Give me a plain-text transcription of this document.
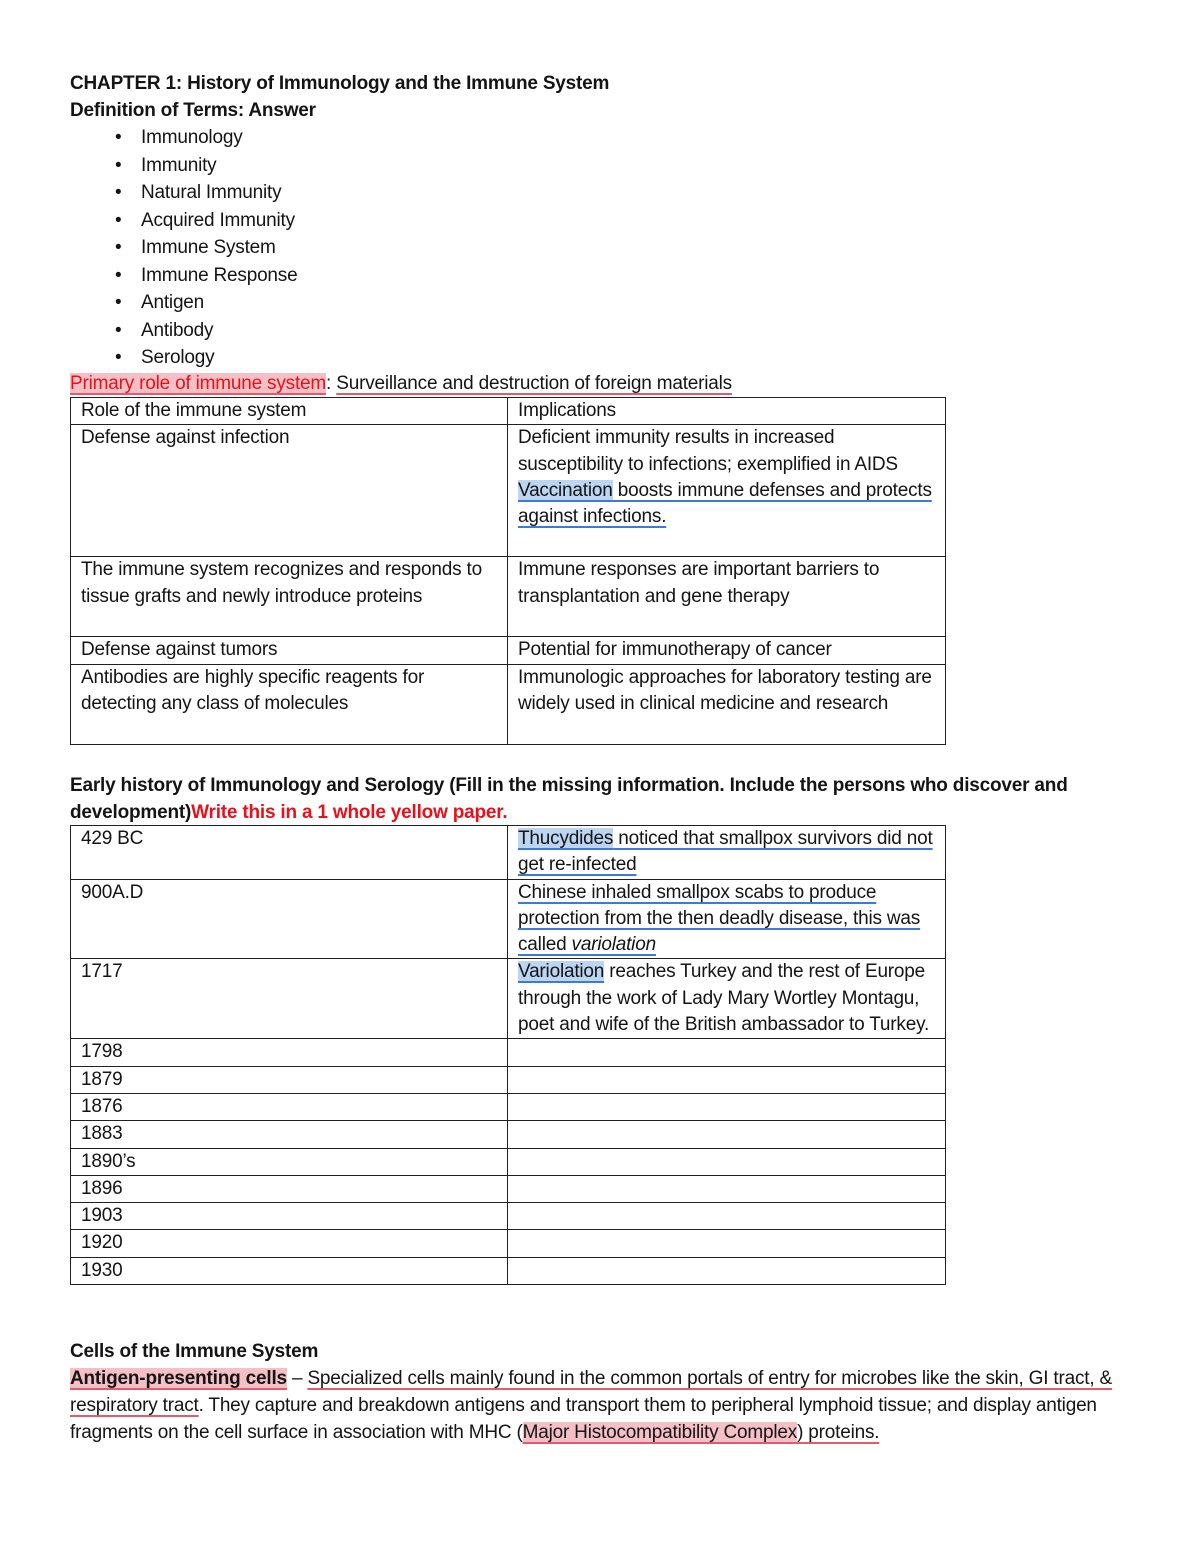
CHAPTER 1: History of Immunology and the Immune System
Definition of Terms: Answer
• Immunology
• Immunity
• Natural Immunity
• Acquired Immunity
• Immune System
• Immune Response
• Antigen
• Antibody
• Serology
Primary role of immune system: Surveillance and destruction of foreign materials
Role of the immune system	Implications
Defense against infection	Deficient immunity results in increased susceptibility to infections; exemplified in AIDS
Vaccination boosts immune defenses and protects against infections.
The immune system recognizes and responds to tissue grafts and newly introduce proteins	Immune responses are important barriers to transplantation and gene therapy
Defense against tumors	Potential for immunotherapy of cancer
Antibodies are highly specific reagents for detecting any class of molecules	Immunologic approaches for laboratory testing are widely used in clinical medicine and research
Early history of Immunology and Serology (Fill in the missing information. Include the persons who discover and development)Write this in a 1 whole yellow paper.
429 BC	Thucydides noticed that smallpox survivors did not get re-infected
900A.D	Chinese inhaled smallpox scabs to produce protection from the then deadly disease, this was called variolation
1717	Variolation reaches Turkey and the rest of Europe through the work of Lady Mary Wortley Montagu, poet and wife of the British ambassador to Turkey.
1798	
1879	
1876	
1883	
1890’s	
1896	
1903	
1920	
1930	
Cells of the Immune System
Antigen-presenting cells – Specialized cells mainly found in the common portals of entry for microbes like the skin, GI tract, & respiratory tract. They capture and breakdown antigens and transport them to peripheral lymphoid tissue; and display antigen fragments on the cell surface in association with MHC (Major Histocompatibility Complex) proteins.
